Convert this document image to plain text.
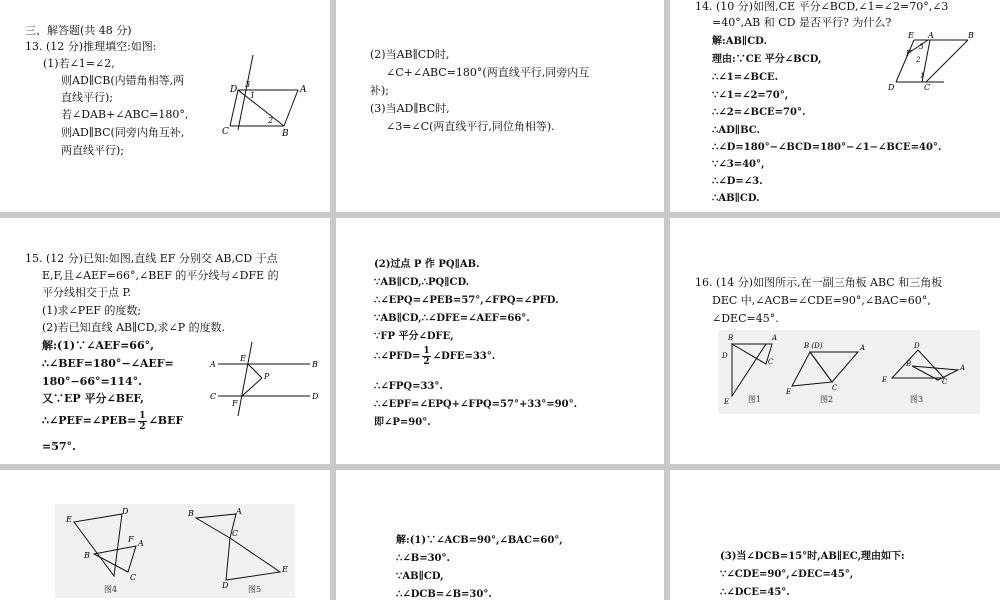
三、解答题(共 48 分)
13. (12 分)推理填空:如图:
(1)若∠1=∠2,
则AD∥CB(内错角相等,两
直线平行);
若∠DAB+∠ABC=180°,
则AD∥BC(同旁内角互补,
两直线平行);
D	A
C	B
3
1
2
(2)当AB∥CD时,
∠C+∠ABC=180°(两直线平行,同旁内互
补);
(3)当AD∥BC时,
∠3=∠C(两直线平行,同位角相等).
14. (10 分)如图,CE 平分∠BCD,∠1=∠2=70°,∠3
=40°,AB 和 CD 是否平行? 为什么?
解:AB∥CD.
理由:∵CE 平分∠BCD,
∴∠1=∠BCE.
∵∠1=∠2=70°,
∴∠2=∠BCE=70°.
∴AD∥BC.
∴∠D=180°−∠BCD=180°−∠1−∠BCE=40°.
∵∠3=40°,
∴∠D=∠3.
∴AB∥CD.
E A	B
F
D	C
3
2
1
15. (12 分)已知:如图,直线 EF 分别交 AB,CD 于点
E,F,且∠AEF=66°,∠BEF 的平分线与∠DFE 的
平分线相交于点 P.
(1)求∠PEF 的度数;
(2)若已知直线 AB∥CD,求∠P 的度数.
解:(1)∵∠AEF=66°,
∴∠BEF=180°−∠AEF=
180°−66°=114°.
又∵EP 平分∠BEF,
∴∠PEF=∠PEB= $\frac{1}{2}$ ∠BEF
=57°.
A	B
C	D
E
F
P
(2)过点 P 作 PQ∥AB.
∵AB∥CD,∴PQ∥CD.
∴∠EPQ=∠PEB=57°,∠FPQ=∠PFD.
∵AB∥CD,∴∠DFE=∠AEF=66°.
∵FP 平分∠DFE,
∴∠PFD= $\frac{1}{2}$ ∠DFE=33°.
∴∠FPQ=33°.
∴∠EPF=∠EPQ+∠FPQ=57°+33°=90°.
即∠P=90°.
16. (14 分)如图所示,在一副三角板 ABC 和三角板
DEC 中,∠ACB=∠CDE=90°,∠BAC=60°,
∠DEC=45°.
B	A
D
C
E 图1
B (D)	A
C
E
图2
D
B	A
C
E
图3
E
D
F A
B
C
图4
B	A
C
D
E
图5
解:(1)∵∠ACB=90°,∠BAC=60°,
∴∠B=30°.
∵AB∥CD,
∴∠DCB=∠B=30°.
(3)当∠DCB=15°时,AB∥EC,理由如下:
∵∠CDE=90°,∠DEC=45°,
∴∠DCE=45°.
